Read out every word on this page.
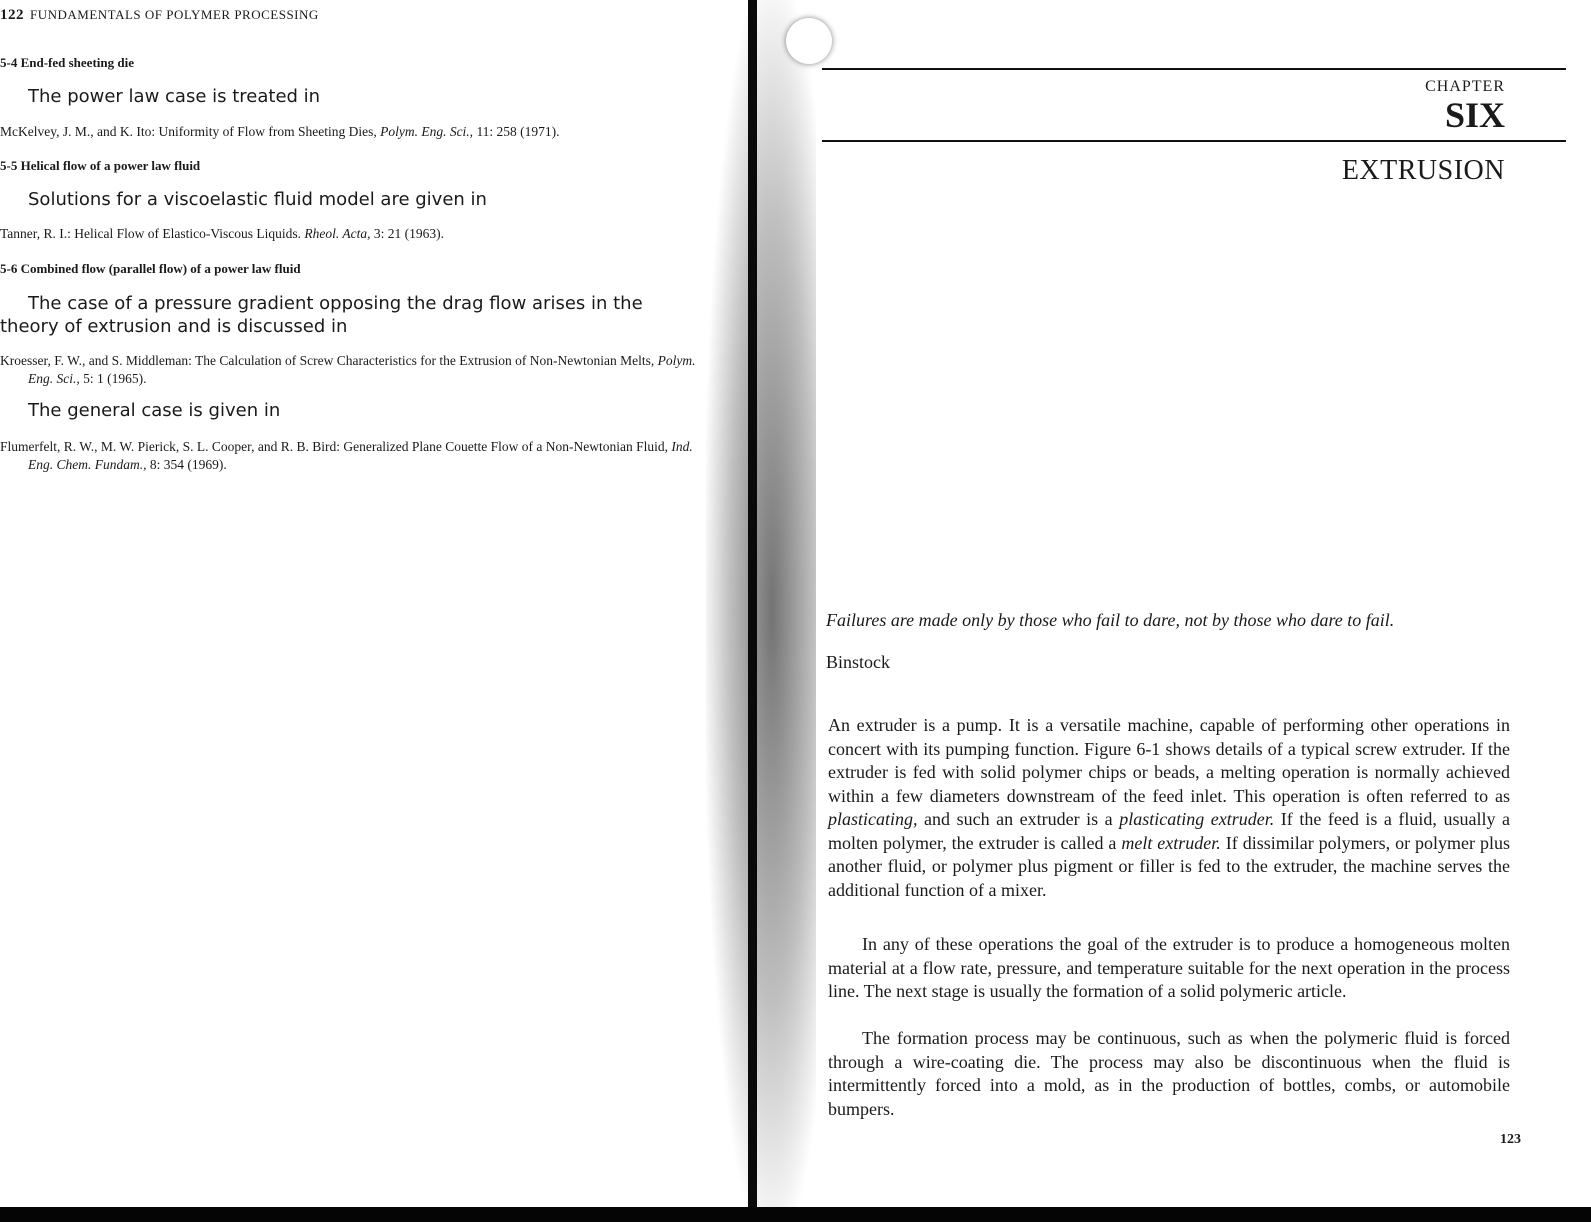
122 FUNDAMENTALS OF POLYMER PROCESSING
5-4 End-fed sheeting die
The power law case is treated in
McKelvey, J. M., and K. Ito: Uniformity of Flow from Sheeting Dies, Polym. Eng. Sci., 11: 258 (1971).
5-5 Helical flow of a power law fluid
Solutions for a viscoelastic fluid model are given in
Tanner, R. I.: Helical Flow of Elastico-Viscous Liquids. Rheol. Acta, 3: 21 (1963).
5-6 Combined flow (parallel flow) of a power law fluid
The case of a pressure gradient opposing the drag flow arises in the theory of extrusion and is discussed in
Kroesser, F. W., and S. Middleman: The Calculation of Screw Characteristics for the Extrusion of Non-Newtonian Melts, Polym. Eng. Sci., 5: 1 (1965).
The general case is given in
Flumerfelt, R. W., M. W. Pierick, S. L. Cooper, and R. B. Bird: Generalized Plane Couette Flow of a Non-Newtonian Fluid, Ind. Eng. Chem. Fundam., 8: 354 (1969).
CHAPTER
SIX
EXTRUSION
Failures are made only by those who fail to dare, not by those who dare to fail.
Binstock
An extruder is a pump. It is a versatile machine, capable of performing other operations in concert with its pumping function. Figure 6-1 shows details of a typical screw extruder. If the extruder is fed with solid polymer chips or beads, a melting operation is normally achieved within a few diameters downstream of the feed inlet. This operation is often referred to as plasticating, and such an extruder is a plasticating extruder. If the feed is a fluid, usually a molten polymer, the extruder is called a melt extruder. If dissimilar polymers, or polymer plus another fluid, or polymer plus pigment or filler is fed to the extruder, the machine serves the additional function of a mixer.
In any of these operations the goal of the extruder is to produce a homogeneous molten material at a flow rate, pressure, and temperature suitable for the next operation in the process line. The next stage is usually the formation of a solid polymeric article.
The formation process may be continuous, such as when the polymeric fluid is forced through a wire-coating die. The process may also be discontinuous when the fluid is intermittently forced into a mold, as in the production of bottles, combs, or automobile bumpers.
123
